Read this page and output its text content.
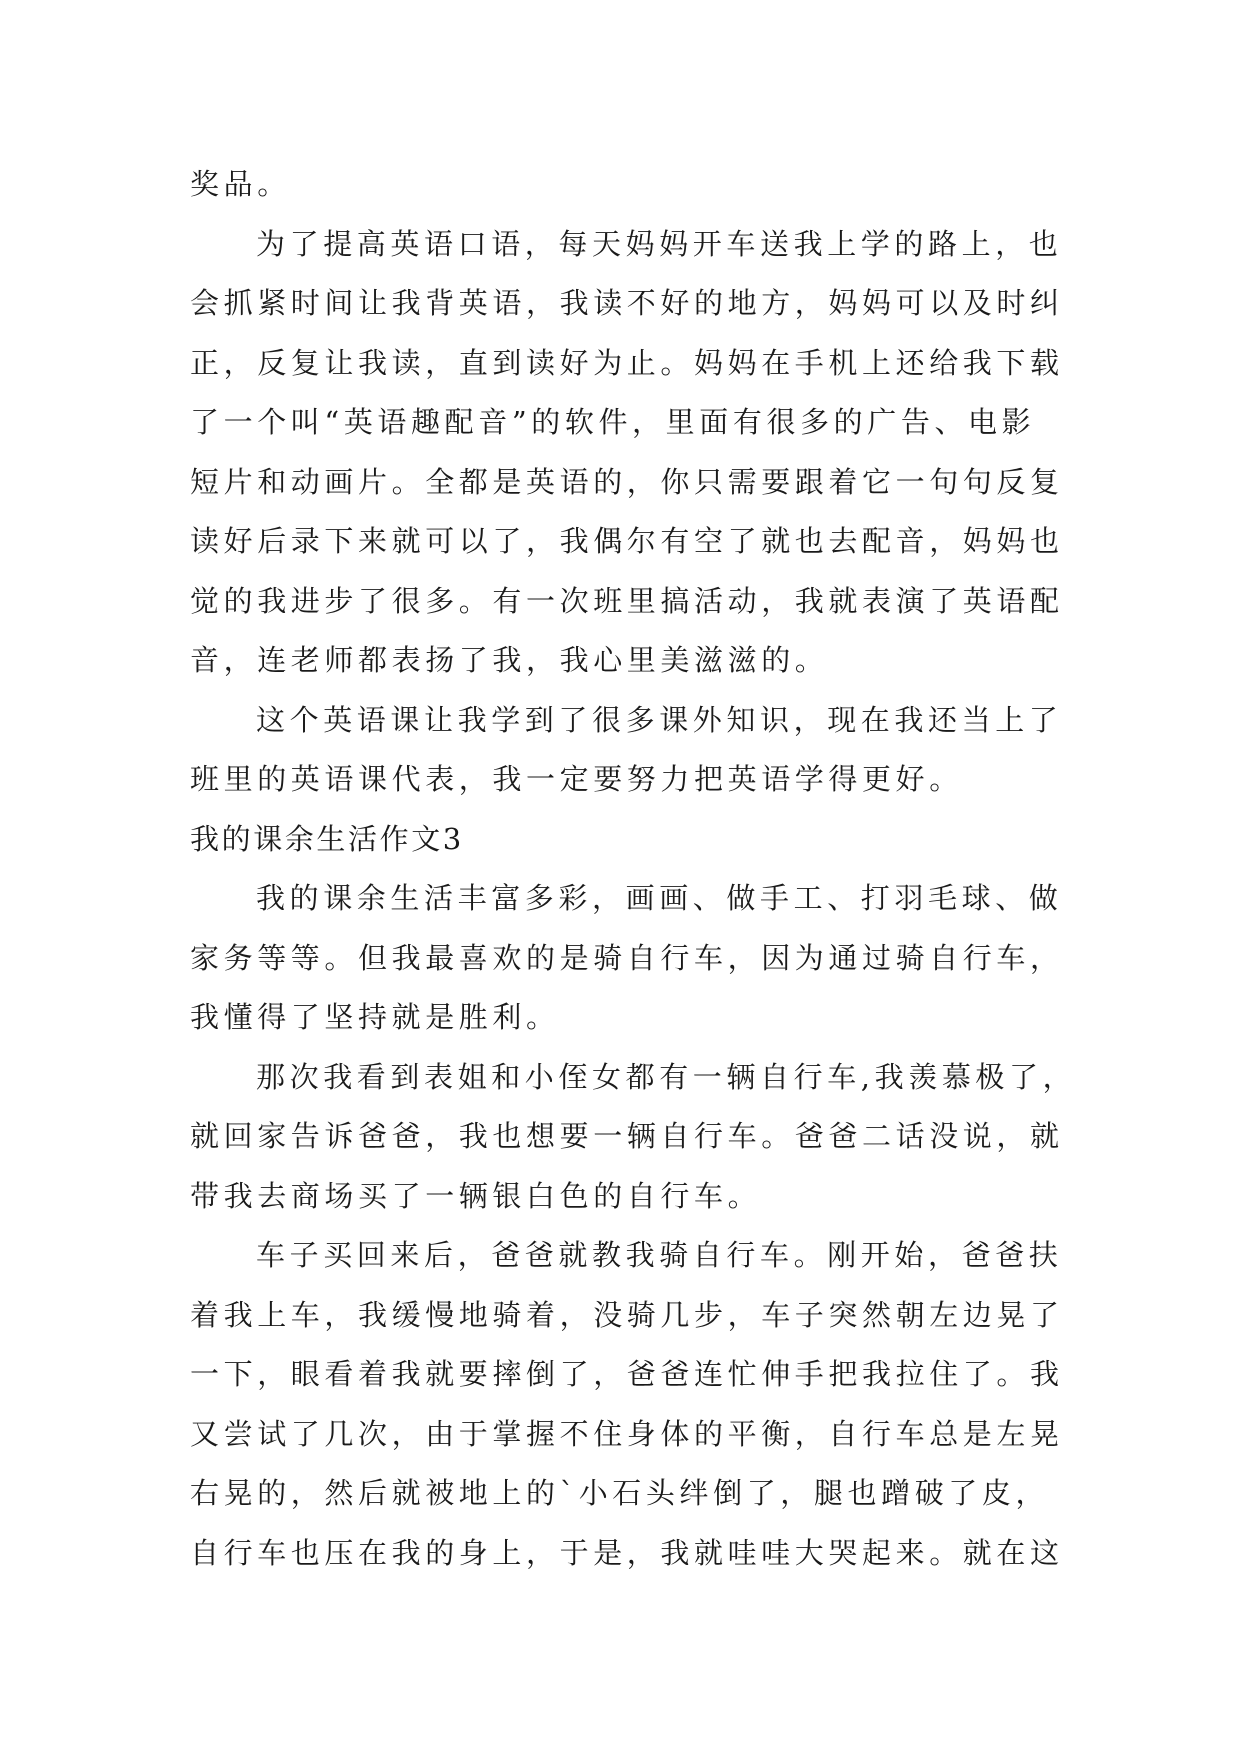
奖品。

为了提高英语口语，每天妈妈开车送我上学的路上，也

会抓紧时间让我背英语，我读不好的地方，妈妈可以及时纠

正，反复让我读，直到读好为止。妈妈在手机上还给我下载

了一个叫“英语趣配音”的软件，里面有很多的广告、电影

短片和动画片。全都是英语的，你只需要跟着它一句句反复

读好后录下来就可以了，我偶尔有空了就也去配音，妈妈也

觉的我进步了很多。有一次班里搞活动，我就表演了英语配

音，连老师都表扬了我，我心里美滋滋的。

这个英语课让我学到了很多课外知识，现在我还当上了

班里的英语课代表，我一定要努力把英语学得更好。

我的课余生活作文3

我的课余生活丰富多彩，画画、做手工、打羽毛球、做

家务等等。但我最喜欢的是骑自行车，因为通过骑自行车，

我懂得了坚持就是胜利。

那次我看到表姐和小侄女都有一辆自行车,我羡慕极了，

就回家告诉爸爸，我也想要一辆自行车。爸爸二话没说，就

带我去商场买了一辆银白色的自行车。

车子买回来后，爸爸就教我骑自行车。刚开始，爸爸扶

着我上车，我缓慢地骑着，没骑几步，车子突然朝左边晃了

一下，眼看着我就要摔倒了，爸爸连忙伸手把我拉住了。我

又尝试了几次，由于掌握不住身体的平衡，自行车总是左晃

右晃的，然后就被地上的`小石头绊倒了，腿也蹭破了皮，

自行车也压在我的身上，于是，我就哇哇大哭起来。就在这
